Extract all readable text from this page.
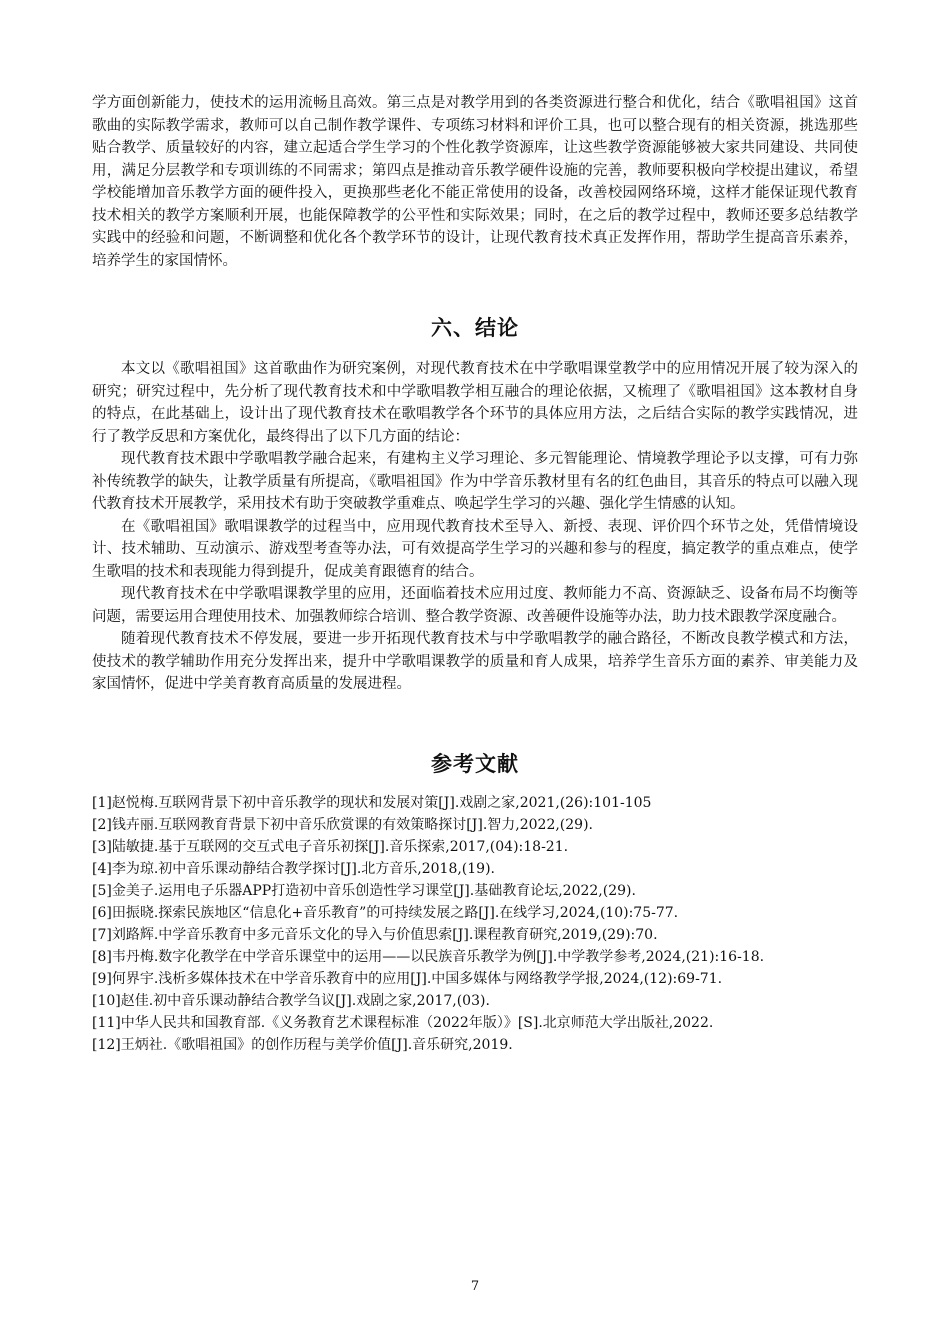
学方面创新能力，使技术的运用流畅且高效。第三点是对教学用到的各类资源进行整合和优化，结合《歌唱祖国》这首歌曲的实际教学需求，教师可以自己制作教学课件、专项练习材料和评价工具，也可以整合现有的相关资源，挑选那些贴合教学、质量较好的内容，建立起适合学生学习的个性化教学资源库，让这些教学资源能够被大家共同建设、共同使用，满足分层教学和专项训练的不同需求；第四点是推动音乐教学硬件设施的完善，教师要积极向学校提出建议，希望学校能增加音乐教学方面的硬件投入，更换那些老化不能正常使用的设备，改善校园网络环境，这样才能保证现代教育技术相关的教学方案顺利开展，也能保障教学的公平性和实际效果；同时，在之后的教学过程中，教师还要多总结教学实践中的经验和问题，不断调整和优化各个教学环节的设计，让现代教育技术真正发挥作用，帮助学生提高音乐素养，培养学生的家国情怀。

六、结论

本文以《歌唱祖国》这首歌曲作为研究案例，对现代教育技术在中学歌唱课堂教学中的应用情况开展了较为深入的研究；研究过程中，先分析了现代教育技术和中学歌唱教学相互融合的理论依据，又梳理了《歌唱祖国》这本教材自身的特点，在此基础上，设计出了现代教育技术在歌唱教学各个环节的具体应用方法，之后结合实际的教学实践情况，进行了教学反思和方案优化，最终得出了以下几方面的结论：

现代教育技术跟中学歌唱教学融合起来，有建构主义学习理论、多元智能理论、情境教学理论予以支撑，可有力弥补传统教学的缺失，让教学质量有所提高，《歌唱祖国》作为中学音乐教材里有名的红色曲目，其音乐的特点可以融入现代教育技术开展教学，采用技术有助于突破教学重难点、唤起学生学习的兴趣、强化学生情感的认知。

在《歌唱祖国》歌唱课教学的过程当中，应用现代教育技术至导入、新授、表现、评价四个环节之处，凭借情境设计、技术辅助、互动演示、游戏型考查等办法，可有效提高学生学习的兴趣和参与的程度，搞定教学的重点难点，使学生歌唱的技术和表现能力得到提升，促成美育跟德育的结合。

现代教育技术在中学歌唱课教学里的应用，还面临着技术应用过度、教师能力不高、资源缺乏、设备布局不均衡等问题，需要运用合理使用技术、加强教师综合培训、整合教学资源、改善硬件设施等办法，助力技术跟教学深度融合。

随着现代教育技术不停发展，要进一步开拓现代教育技术与中学歌唱教学的融合路径，不断改良教学模式和方法，使技术的教学辅助作用充分发挥出来，提升中学歌唱课教学的质量和育人成果，培养学生音乐方面的素养、审美能力及家国情怀，促进中学美育教育高质量的发展进程。

参考文献

[1]赵悦梅.互联网背景下初中音乐教学的现状和发展对策[J].戏剧之家,2021,(26):101-105

[2]钱卉丽.互联网教育背景下初中音乐欣赏课的有效策略探讨[J].智力,2022,(29).

[3]陆敏捷.基于互联网的交互式电子音乐初探[J].音乐探索,2017,(04):18-21.

[4]李为琼.初中音乐课动静结合教学探讨[J].北方音乐,2018,(19).

[5]金美子.运用电子乐器APP打造初中音乐创造性学习课堂[J].基础教育论坛,2022,(29).

[6]田振晓.探索民族地区“信息化+音乐教育”的可持续发展之路[J].在线学习,2024,(10):75-77.

[7]刘路辉.中学音乐教育中多元音乐文化的导入与价值思索[J].课程教育研究,2019,(29):70.

[8]韦丹梅.数字化教学在中学音乐课堂中的运用——以民族音乐教学为例[J].中学教学参考,2024,(21):16-18.

[9]何界宇.浅析多媒体技术在中学音乐教育中的应用[J].中国多媒体与网络教学学报,2024,(12):69-71.

[10]赵佳.初中音乐课动静结合教学刍议[J].戏剧之家,2017,(03).

[11]中华人民共和国教育部.《义务教育艺术课程标准（2022年版）》[S].北京师范大学出版社,2022.

[12]王炳社.《歌唱祖国》的创作历程与美学价值[J].音乐研究,2019.

7
